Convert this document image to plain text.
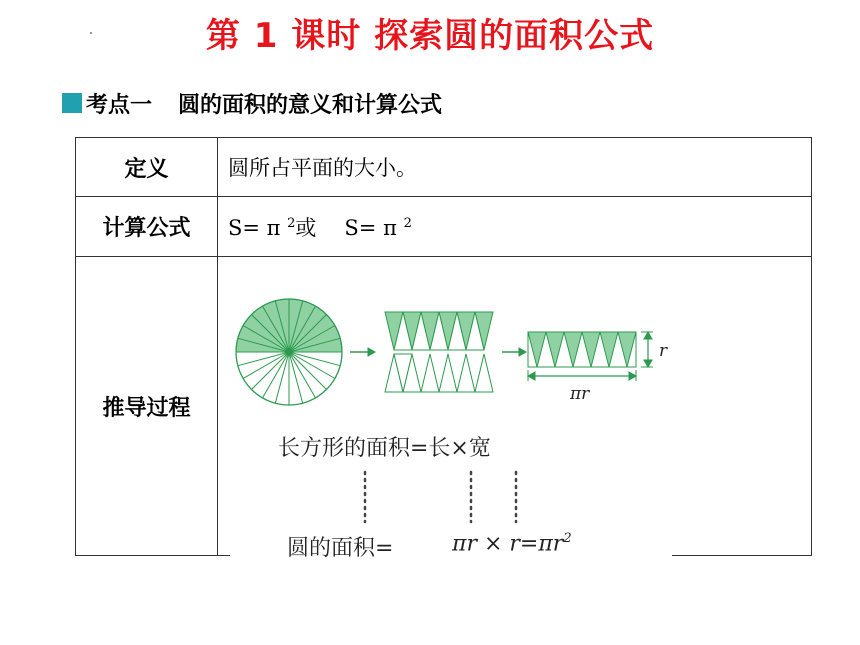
第 1 课时 探索圆的面积公式
考点一 圆的面积的意义和计算公式
定义	圆所占平面的大小。
计算公式	S= π $^2$或 S= π $^2$
推导过程	r
πr
长方形的面积=长×宽
圆的面积=	$\pi r \times r=\pi r^2$
